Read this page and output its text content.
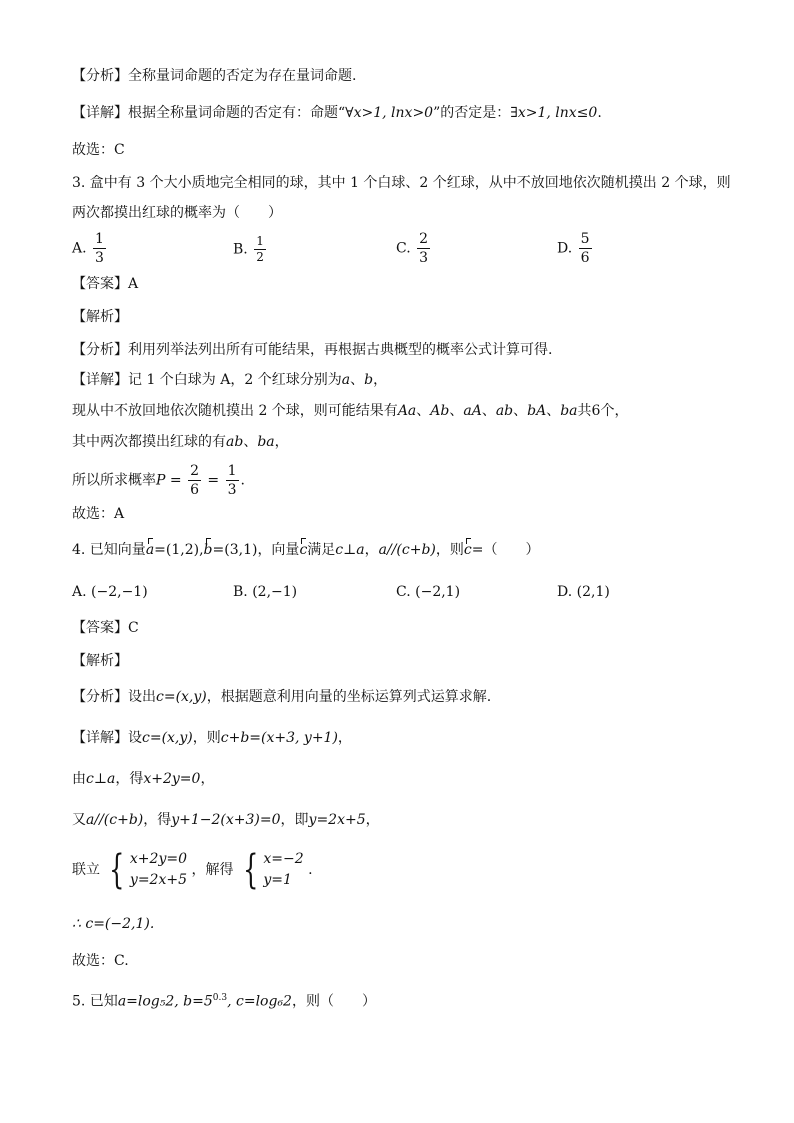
【分析】全称量词命题的否定为存在量词命题.
【详解】根据全称量词命题的否定有：命题“∀x>1, lnx>0”的否定是：∃x>1, lnx≤0.
故选：C
3. 盒中有 3 个大小质地完全相同的球，其中 1 个白球、2 个红球，从中不放回地依次随机摸出 2 个球，则
两次都摸出红球的概率为（　　）
A. $\frac{1}{3}$	B. $\frac{1}{2}$	C. $\frac{2}{3}$	D. $\frac{5}{6}$
【答案】A
【解析】
【分析】利用列举法列出所有可能结果，再根据古典概型的概率公式计算可得.
【详解】记 1 个白球为 A，2 个红球分别为a、b，
现从中不放回地依次随机摸出 2 个球，则可能结果有Aa、Ab、aA、ab、bA、ba共6个，
其中两次都摸出红球的有ab、ba，
所以所求概率$P = \frac{2}{6} = \frac{1}{3}$ .
故选：A
4. 已知向量a=(1,2),b=(3,1)，向量c满足c⊥a，a//(c+b)，则c=（　　）
A. (−2,−1)	B. (2,−1)	C. (−2,1)	D. (2,1)
【答案】C
【解析】
【分析】设出c=(x,y)，根据题意利用向量的坐标运算列式运算求解.
【详解】设c=(x,y)，则c+b=(x+3, y+1)，
由c⊥a，得x+2y=0，
又a//(c+b)，得y+1−2(x+3)=0，即y=2x+5，
联立 { x+2y=0
y=2x+5
，解得 { x=−2
y=1
.
∴ c=(−2,1).
故选：C.
5. 已知a=log₅2, $b=5^{0.3}$, c=log₆2，则（　　）
